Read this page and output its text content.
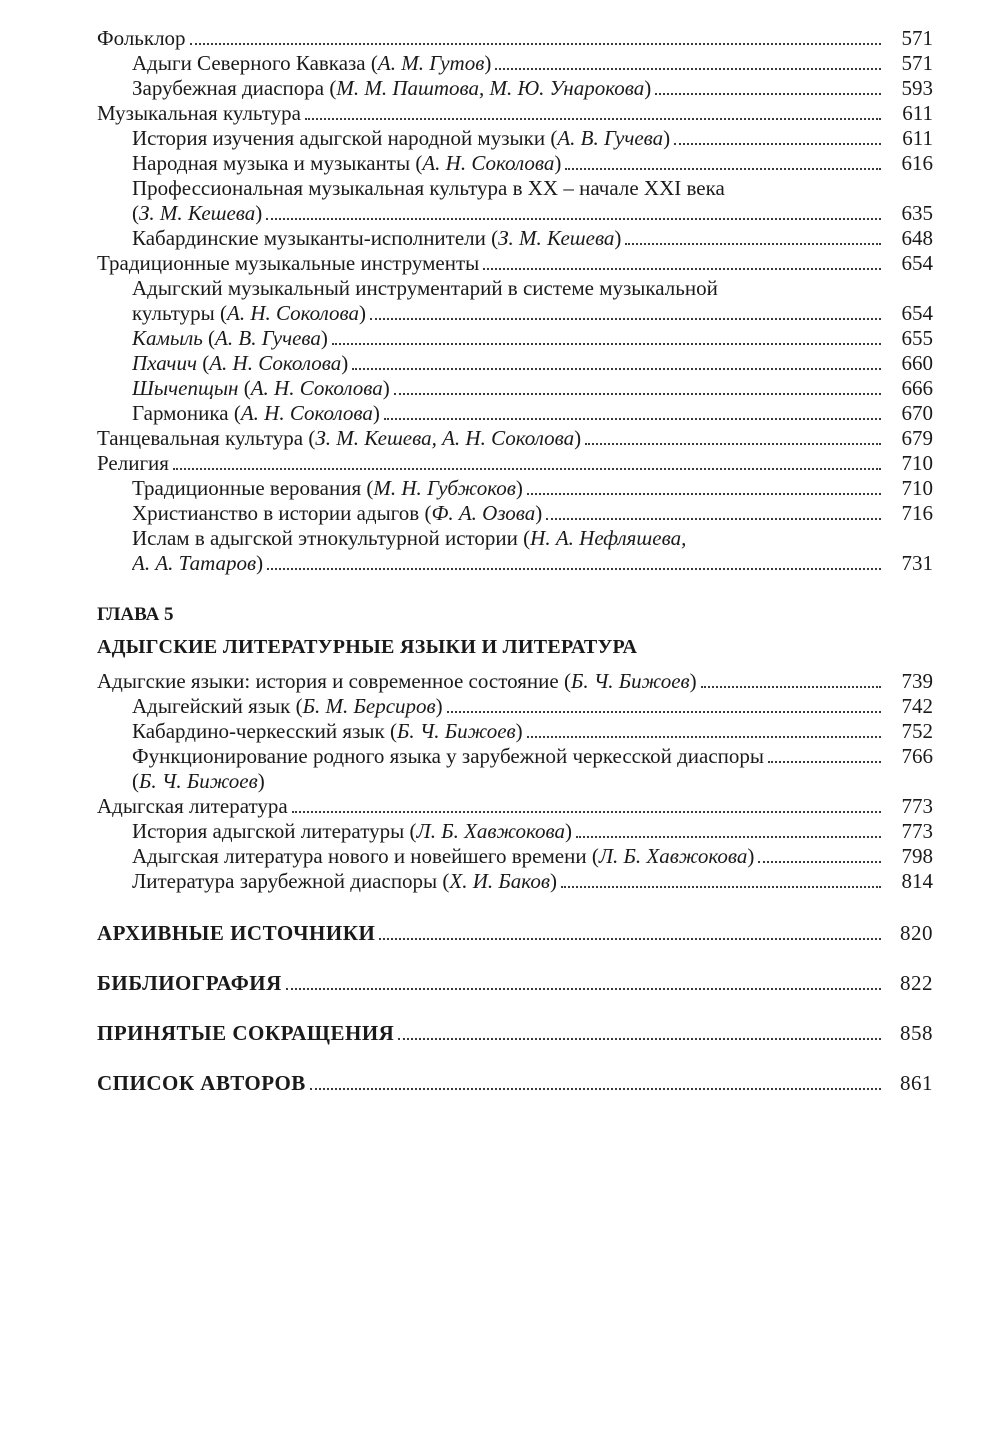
Фольклор	571
Адыги Северного Кавказа (А. М. Гутов)	571
Зарубежная диаспора (М. М. Паштова, М. Ю. Унарокова)	593
Музыкальная культура	611
История изучения адыгской народной музыки (А. В. Гучева)	611
Народная музыка и музыканты (А. Н. Соколова)	616
Профессиональная музыкальная культура в XX – начале XXI века
(З. М. Кешева)	635
Кабардинские музыканты-исполнители (З. М. Кешева)	648
Традиционные музыкальные инструменты	654
Адыгский музыкальный инструментарий в системе музыкальной
культуры (А. Н. Соколова)	654
Камыль (А. В. Гучева)	655
Пхачич (А. Н. Соколова)	660
Шычепщын (А. Н. Соколова)	666
Гармоника (А. Н. Соколова)	670
Танцевальная культура (З. М. Кешева, А. Н. Соколова)	679
Религия	710
Традиционные верования (М. Н. Губжоков)	710
Христианство в истории адыгов (Ф. А. Озова)	716
Ислам в адыгской этнокультурной истории (Н. А. Нефляшева,
А. А. Татаров)	731
ГЛАВА 5
АДЫГСКИЕ ЛИТЕРАТУРНЫЕ ЯЗЫКИ И ЛИТЕРАТУРА
Адыгские языки: история и современное состояние (Б. Ч. Бижоев)	739
Адыгейский язык (Б. М. Берсиров)	742
Кабардино-черкесский язык (Б. Ч. Бижоев)	752
Функционирование родного языка у зарубежной черкесской диаспоры	766
(Б. Ч. Бижоев)
Адыгская литература	773
История адыгской литературы (Л. Б. Хавжокова)	773
Адыгская литература нового и новейшего времени (Л. Б. Хавжокова)	798
Литература зарубежной диаспоры (Х. И. Баков)	814
АРХИВНЫЕ ИСТОЧНИКИ	820
БИБЛИОГРАФИЯ	822
ПРИНЯТЫЕ СОКРАЩЕНИЯ	858
СПИСОК АВТОРОВ	861
